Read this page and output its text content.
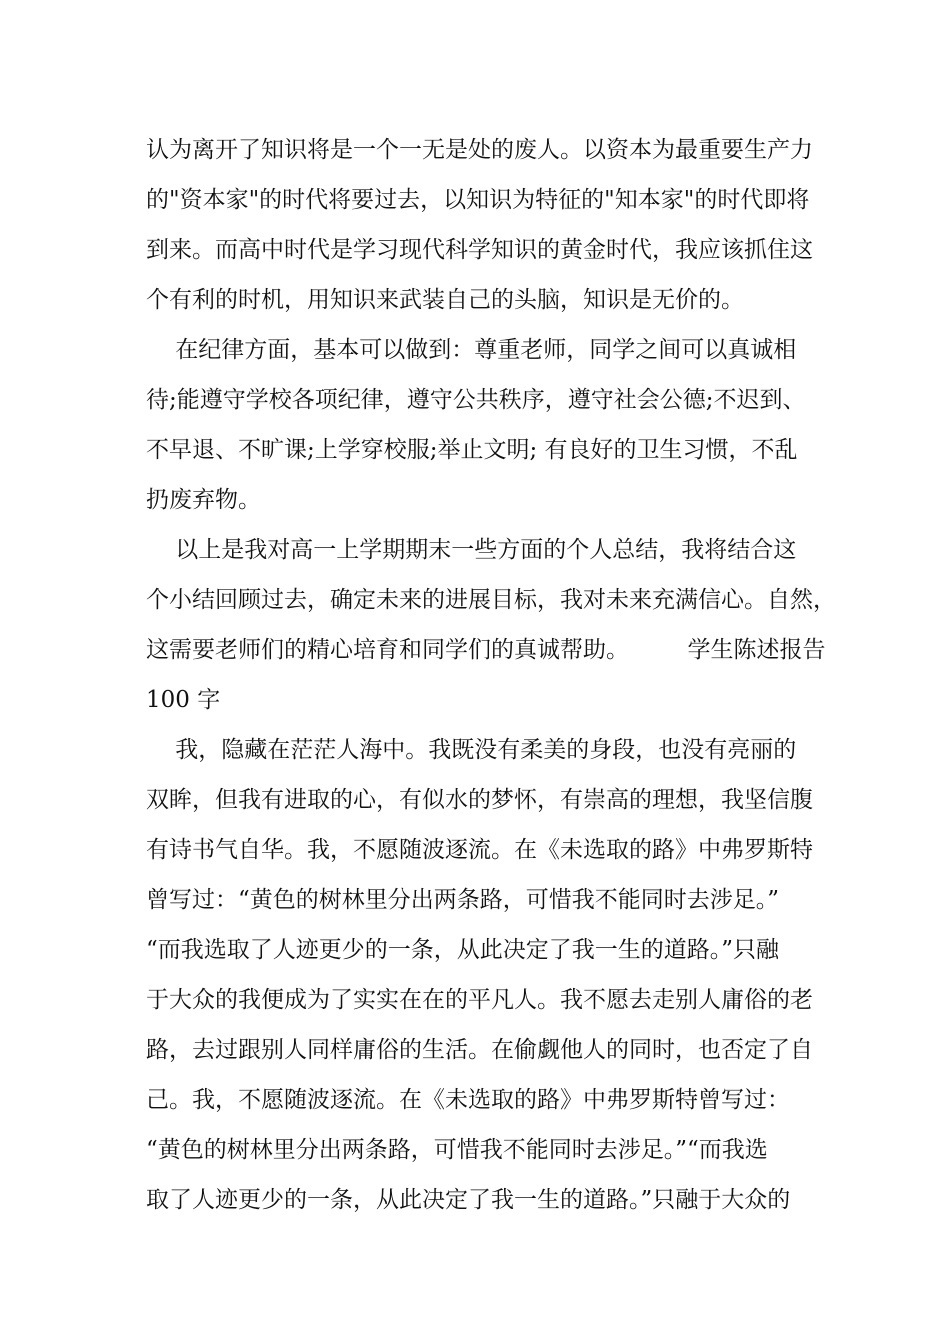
认为离开了知识将是一个一无是处的废人。以资本为最重要生产力
的"资本家"的时代将要过去，以知识为特征的"知本家"的时代即将
到来。而高中时代是学习现代科学知识的黄金时代，我应该抓住这
个有利的时机，用知识来武装自己的头脑，知识是无价的。
在纪律方面，基本可以做到：尊重老师，同学之间可以真诚相
待;能遵守学校各项纪律，遵守公共秩序，遵守社会公德;不迟到、
不早退、不旷课;上学穿校服;举止文明; 有良好的卫生习惯，不乱
扔废弃物。
以上是我对高一上学期期末一些方面的个人总结，我将结合这
个小结回顾过去，确定未来的进展目标，我对未来充满信心。自然，
这需要老师们的精心培育和同学们的真诚帮助。        学生陈述报告
100 字
我，隐藏在茫茫人海中。我既没有柔美的身段，也没有亮丽的
双眸，但我有进取的心，有似水的梦怀，有崇高的理想，我坚信腹
有诗书气自华。我，不愿随波逐流。在《未选取的路》中弗罗斯特
曾写过：“黄色的树林里分出两条路，可惜我不能同时去涉足。”
“而我选取了人迹更少的一条，从此决定了我一生的道路。”只融
于大众的我便成为了实实在在的平凡人。我不愿去走别人庸俗的老
路，去过跟别人同样庸俗的生活。在偷觑他人的同时，也否定了自
己。我，不愿随波逐流。在《未选取的路》中弗罗斯特曾写过：
“黄色的树林里分出两条路，可惜我不能同时去涉足。”“而我选
取了人迹更少的一条，从此决定了我一生的道路。”只融于大众的
